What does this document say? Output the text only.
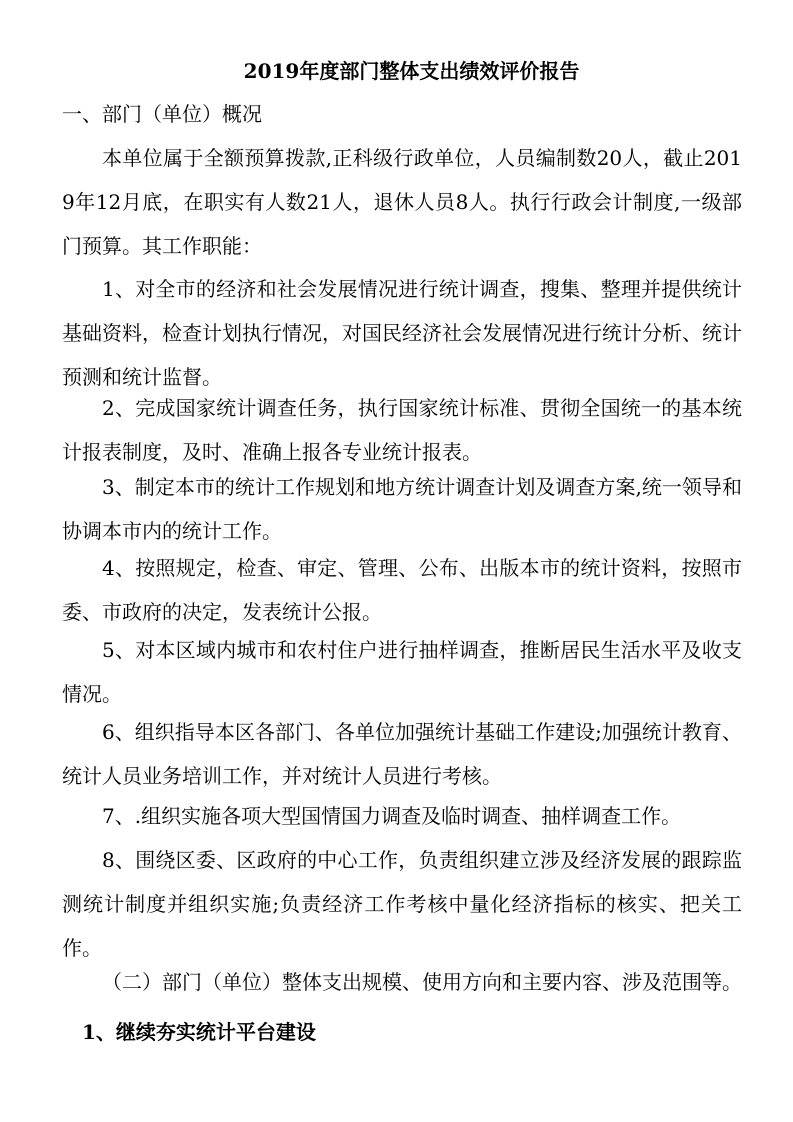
2019年度部门整体支出绩效评价报告
一、部门（单位）概况
本单位属于全额预算拨款,正科级行政单位，人员编制数20人，截止2019年12月底，在职实有人数21人，退休人员8人。执行行政会计制度,一级部门预算。其工作职能：
1、对全市的经济和社会发展情况进行统计调查，搜集、整理并提供统计基础资料，检查计划执行情况，对国民经济社会发展情况进行统计分析、统计预测和统计监督。
2、完成国家统计调查任务，执行国家统计标准、贯彻全国统一的基本统计报表制度，及时、准确上报各专业统计报表。
3、制定本市的统计工作规划和地方统计调查计划及调查方案,统一领导和协调本市内的统计工作。
4、按照规定，检查、审定、管理、公布、出版本市的统计资料，按照市委、市政府的决定，发表统计公报。
5、对本区域内城市和农村住户进行抽样调查，推断居民生活水平及收支情况。
6、组织指导本区各部门、各单位加强统计基础工作建设;加强统计教育、统计人员业务培训工作，并对统计人员进行考核。
7、.组织实施各项大型国情国力调查及临时调查、抽样调查工作。
8、围绕区委、区政府的中心工作，负责组织建立涉及经济发展的跟踪监测统计制度并组织实施;负责经济工作考核中量化经济指标的核实、把关工作。
（二）部门（单位）整体支出规模、使用方向和主要内容、涉及范围等。
1、继续夯实统计平台建设
